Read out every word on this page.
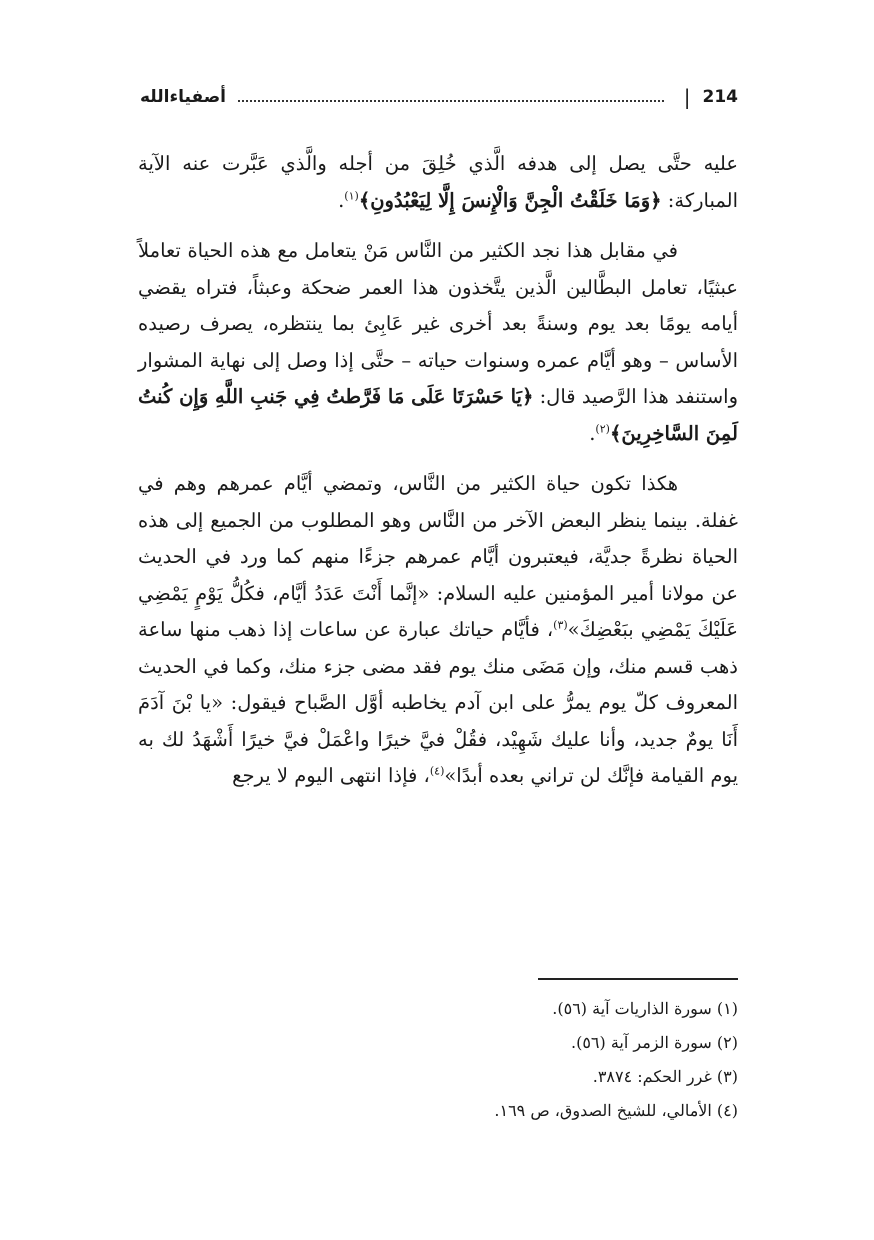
أصفياءالله	| 214

عليه حتَّى يصل إلى هدفه الَّذي خُلِقَ من أجله والَّذي عَبَّرت عنه الآية المباركة: ﴿وَمَا خَلَقْتُ الْجِنَّ وَالْإِنسَ إِلَّا لِيَعْبُدُونِ﴾$^{(١)}$.

في مقابل هذا نجد الكثير من النَّاس مَنْ يتعامل مع هذه الحياة تعاملاً عبثيًا، تعامل البطَّالين الَّذين يتَّخذون هذا العمر ضحكة وعبثاً، فتراه يقضي أيامه يومًا بعد يوم وسنةً بعد أخرى غير عَابِئ بما ينتظره، يصرف رصيده الأساس – وهو أيَّام عمره وسنوات حياته – حتَّى إذا وصل إلى نهاية المشوار واستنفد هذا الرَّصيد قال: ﴿يَا حَسْرَتَا عَلَى مَا فَرَّطتُ فِي جَنبِ اللَّهِ وَإِن كُنتُ لَمِنَ السَّاخِرِينَ﴾$^{(٢)}$.

هكذا تكون حياة الكثير من النَّاس، وتمضي أيَّام عمرهم وهم في غفلة. بينما ينظر البعض الآخر من النَّاس وهو المطلوب من الجميع إلى هذه الحياة نظرةً جديَّة، فيعتبرون أيَّام عمرهم جزءًا منهم كما ورد في الحديث عن مولانا أمير المؤمنين عليه السلام: «إنَّما أَنْتَ عَدَدُ أيَّام، فكُلُّ يَوْمٍ يَمْضِي عَلَيْكَ يَمْضِي ببَعْضِكَ»$^{(٣)}$، فأيَّام حياتك عبارة عن ساعات إذا ذهب منها ساعة ذهب قسم منك، وإن مَضَى منك يوم فقد مضى جزء منك، وكما في الحديث المعروف كلّ يوم يمرُّ على ابن آدم يخاطبه أوَّل الصَّباح فيقول: «يا بْنَ آدَمَ أَنَا يومٌ جديد، وأنا عليك شَهِيْد، فقُلْ فيَّ خيرًا واعْمَلْ فيَّ خيرًا أَشْهَدُ لك به يوم القيامة فإنَّك لن تراني بعده أبدًا»$^{(٤)}$، فإذا انتهى اليوم لا يرجع

(١) سورة الذاريات آية (٥٦).
(٢) سورة الزمر آية (٥٦).
(٣) غرر الحكم: ٣٨٧٤.
(٤) الأمالي، للشيخ الصدوق، ص ١٦٩.
